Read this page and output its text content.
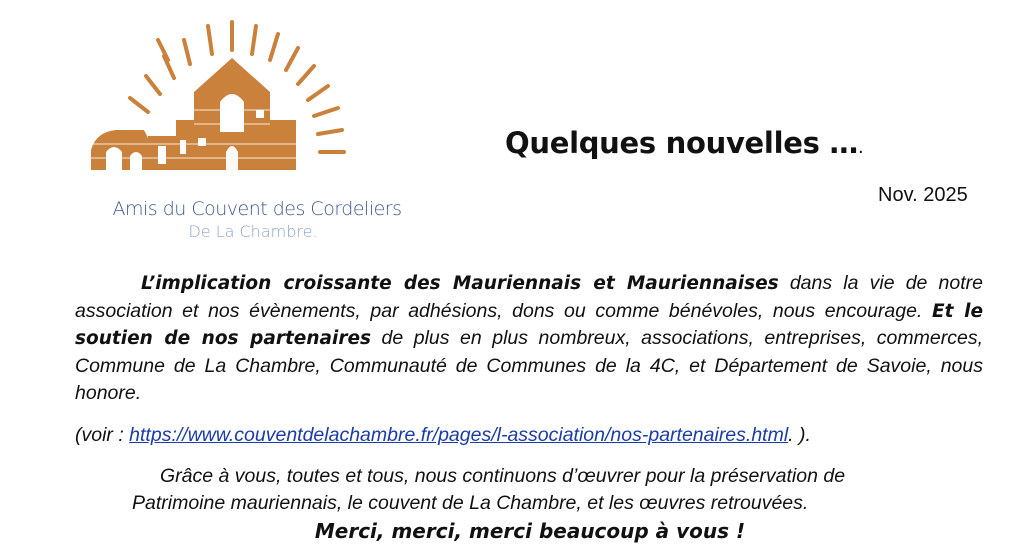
Amis du Couvent des Cordeliers
De La Chambre.
Quelques nouvelles ….
Nov. 2025
L’implication croissante des Mauriennais et Mauriennaises dans la vie de notre association et nos évènements, par adhésions, dons ou comme bénévoles, nous encourage. Et le soutien de nos partenaires de plus en plus nombreux, associations, entreprises, commerces, Commune de La Chambre, Communauté de Communes de la 4C, et Département de Savoie, nous honore.
(voir : https://www.couventdelachambre.fr/pages/l-association/nos-partenaires.html. ).
Grâce à vous, toutes et tous, nous continuons d’œuvrer pour la préservation de
Patrimoine mauriennais, le couvent de La Chambre, et les œuvres retrouvées.
Merci, merci, merci beaucoup à vous !
